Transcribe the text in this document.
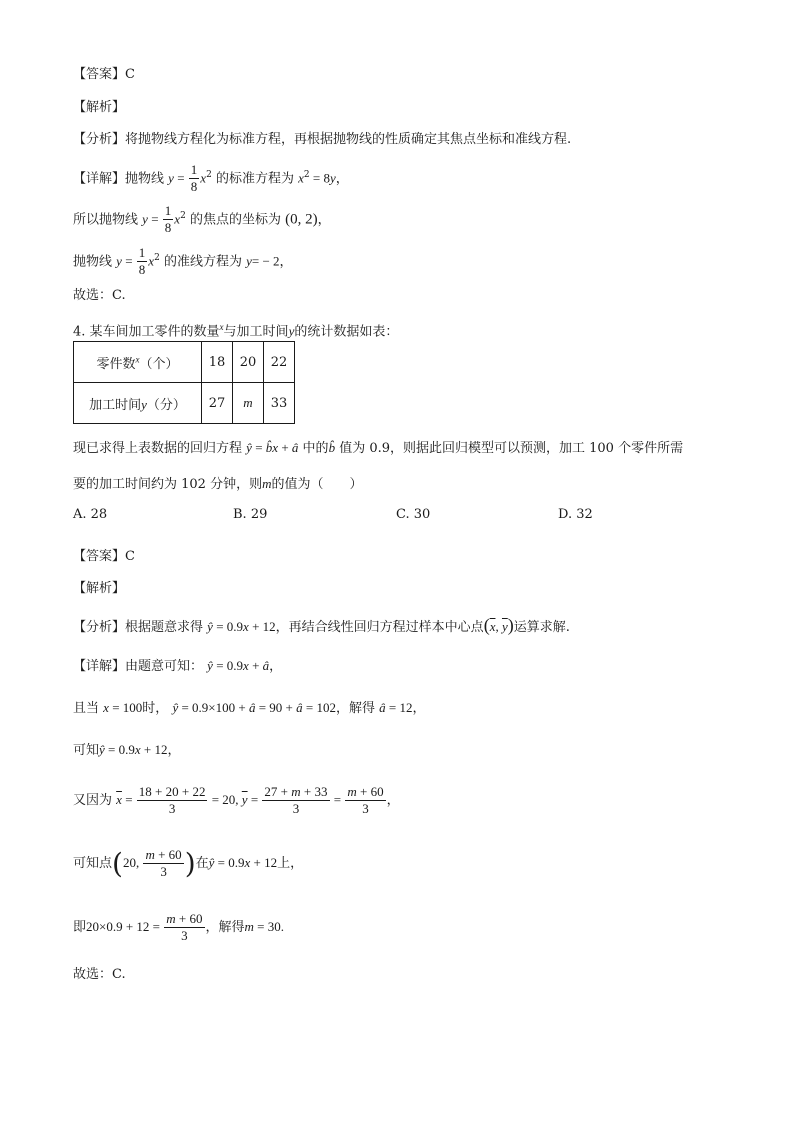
【答案】C
【解析】
【分析】将抛物线方程化为标准方程，再根据抛物线的性质确定其焦点坐标和准线方程.
【详解】抛物线 $y = \frac{1}{8} x^2$ 的标准方程为 $x^2 = 8y$，
所以抛物线 $y = \frac{1}{8} x^2$ 的焦点的坐标为 (0, 2)，
抛物线 $y = \frac{1}{8} x^2$ 的准线方程为 y= − 2，
故选：C.
4. 某车间加工零件的数量$^x$与加工时间y的统计数据如表：
零件数$^x$（个）	18	20	22
加工时间y（分）	27	m	33
现已求得上表数据的回归方程 ŷ = b̂x + â 中的b̂ 值为 0.9，则据此回归模型可以预测，加工 100 个零件所需
要的加工时间约为 102 分钟，则m的值为（　　）
A. 28	B. 29	C. 30	D. 32
【答案】C
【解析】
【分析】根据题意求得 ŷ = 0.9x + 12，再结合线性回归方程过样本中心点($\overline{x}$, $\overline{y}$)运算求解.
【详解】由题意可知： ŷ = 0.9x + â，
且当 x = 100时， ŷ = 0.9×100 + â = 90 + â = 102，解得 â = 12，
可知ŷ = 0.9x + 12，
又因为 $\overline{x} = \frac{18 + 20 + 22}{3} = 20$, $\overline{y} = \frac{27 + m + 33}{3} = \frac{m + 60}{3}$ ，
可知点(20, $\frac{m + 60}{3}$ )在ŷ = 0.9x + 12上，
即$20\times 0.9 + 12 = \frac{m + 60}{3}$ ，解得m = 30.
故选：C.
